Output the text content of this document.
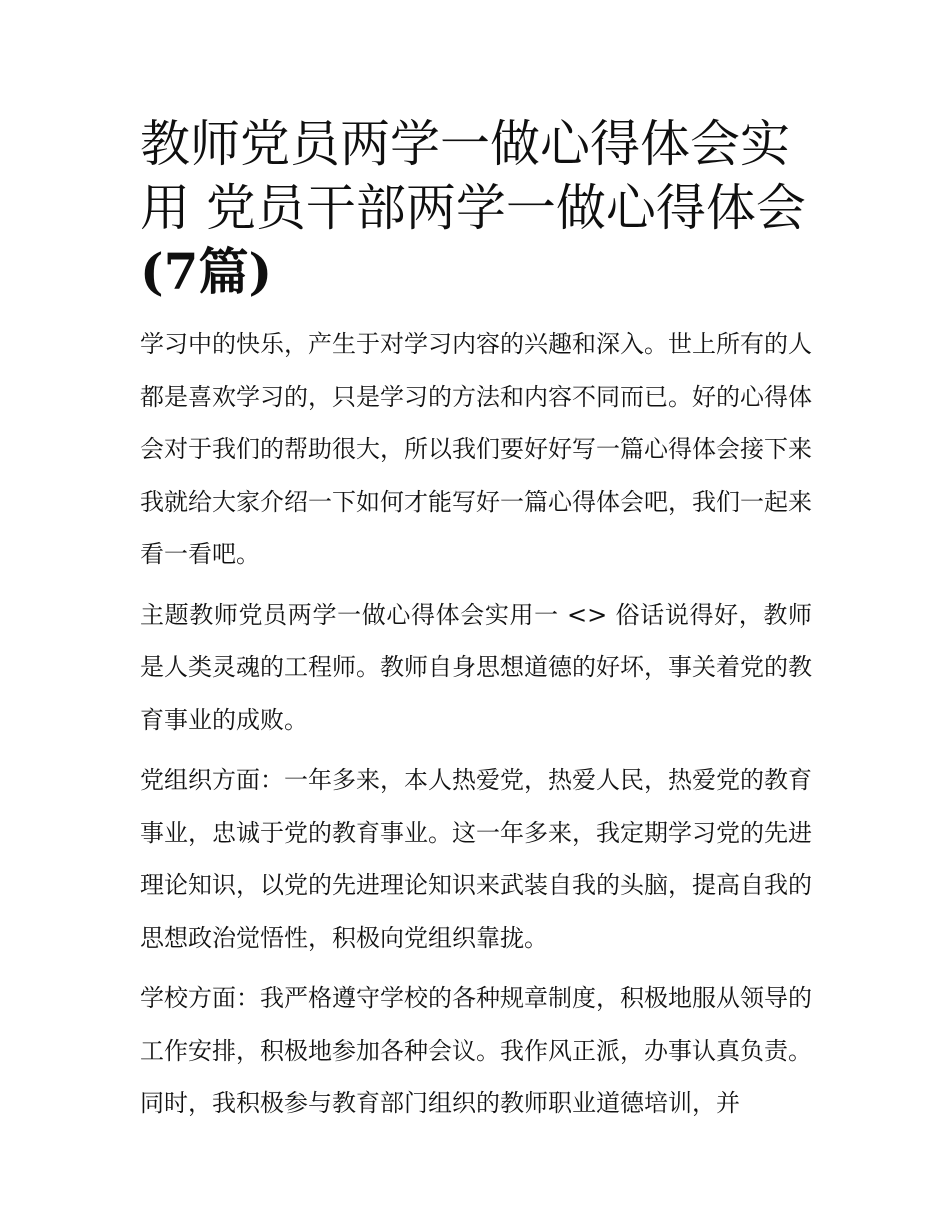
教师党员两学一做心得体会实
用 党员干部两学一做心得体会
(7篇)

学习中的快乐，产生于对学习内容的兴趣和深入。世上所有的人都是喜欢学习的，只是学习的方法和内容不同而已。好的心得体会对于我们的帮助很大，所以我们要好好写一篇心得体会接下来我就给大家介绍一下如何才能写好一篇心得体会吧，我们一起来看一看吧。

主题教师党员两学一做心得体会实用一 <> 俗话说得好，教师是人类灵魂的工程师。教师自身思想道德的好坏，事关着党的教育事业的成败。

党组织方面：一年多来，本人热爱党，热爱人民，热爱党的教育事业，忠诚于党的教育事业。这一年多来，我定期学习党的先进理论知识，以党的先进理论知识来武装自我的头脑，提高自我的思想政治觉悟性，积极向党组织靠拢。

学校方面：我严格遵守学校的各种规章制度，积极地服从领导的工作安排，积极地参加各种会议。我作风正派，办事认真负责。同时，我积极参与教育部门组织的教师职业道德培训，并
